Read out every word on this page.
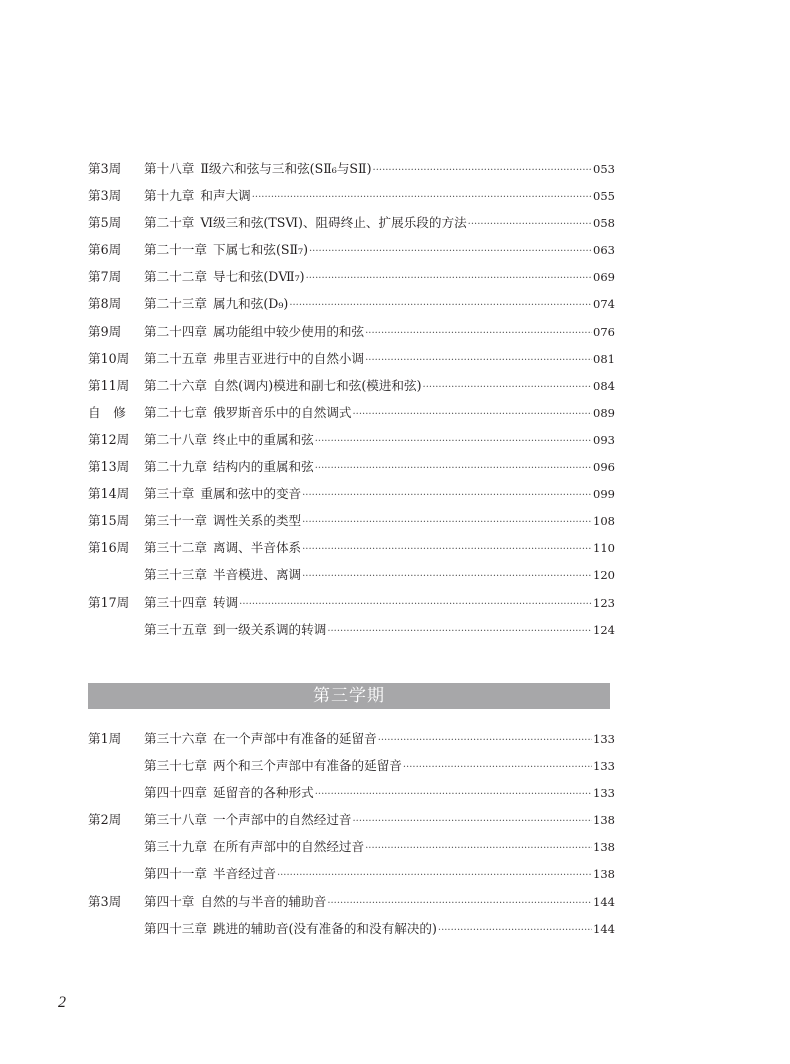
第3周	第十八章 Ⅱ级六和弦与三和弦(SⅡ₆与SⅡ) ·····	053
第3周	第十九章 和声大调 ·····	055
第5周	第二十章 Ⅵ级三和弦(TSⅥ)、阻碍终止、扩展乐段的方法 ·····	058
第6周	第二十一章 下属七和弦(SⅡ₇) ·····	063
第7周	第二十二章 导七和弦(DⅦ₇) ·····	069
第8周	第二十三章 属九和弦(D₉) ·····	074
第9周	第二十四章 属功能组中较少使用的和弦 ·····	076
第10周	第二十五章 弗里吉亚进行中的自然小调 ·····	081
第11周	第二十六章 自然(调内)模进和副七和弦(模进和弦) ·····	084
自　修	第二十七章 俄罗斯音乐中的自然调式 ·····	089
第12周	第二十八章 终止中的重属和弦 ·····	093
第13周	第二十九章 结构内的重属和弦 ·····	096
第14周	第三十章 重属和弦中的变音 ·····	099
第15周	第三十一章 调性关系的类型 ·····	108
第16周	第三十二章 离调、半音体系 ·····	110
第三十三章 半音模进、离调 ·····	120
第17周	第三十四章 转调 ·····	123
第三十五章 到一级关系调的转调 ·····	124
第三学期
第1周	第三十六章 在一个声部中有准备的延留音 ·····	133
第三十七章 两个和三个声部中有准备的延留音 ·····	133
第四十四章 延留音的各种形式 ·····	133
第2周	第三十八章 一个声部中的自然经过音 ·····	138
第三十九章 在所有声部中的自然经过音 ·····	138
第四十一章 半音经过音 ·····	138
第3周	第四十章 自然的与半音的辅助音 ·····	144
第四十三章 跳进的辅助音(没有准备的和没有解决的) ·····	144
2
